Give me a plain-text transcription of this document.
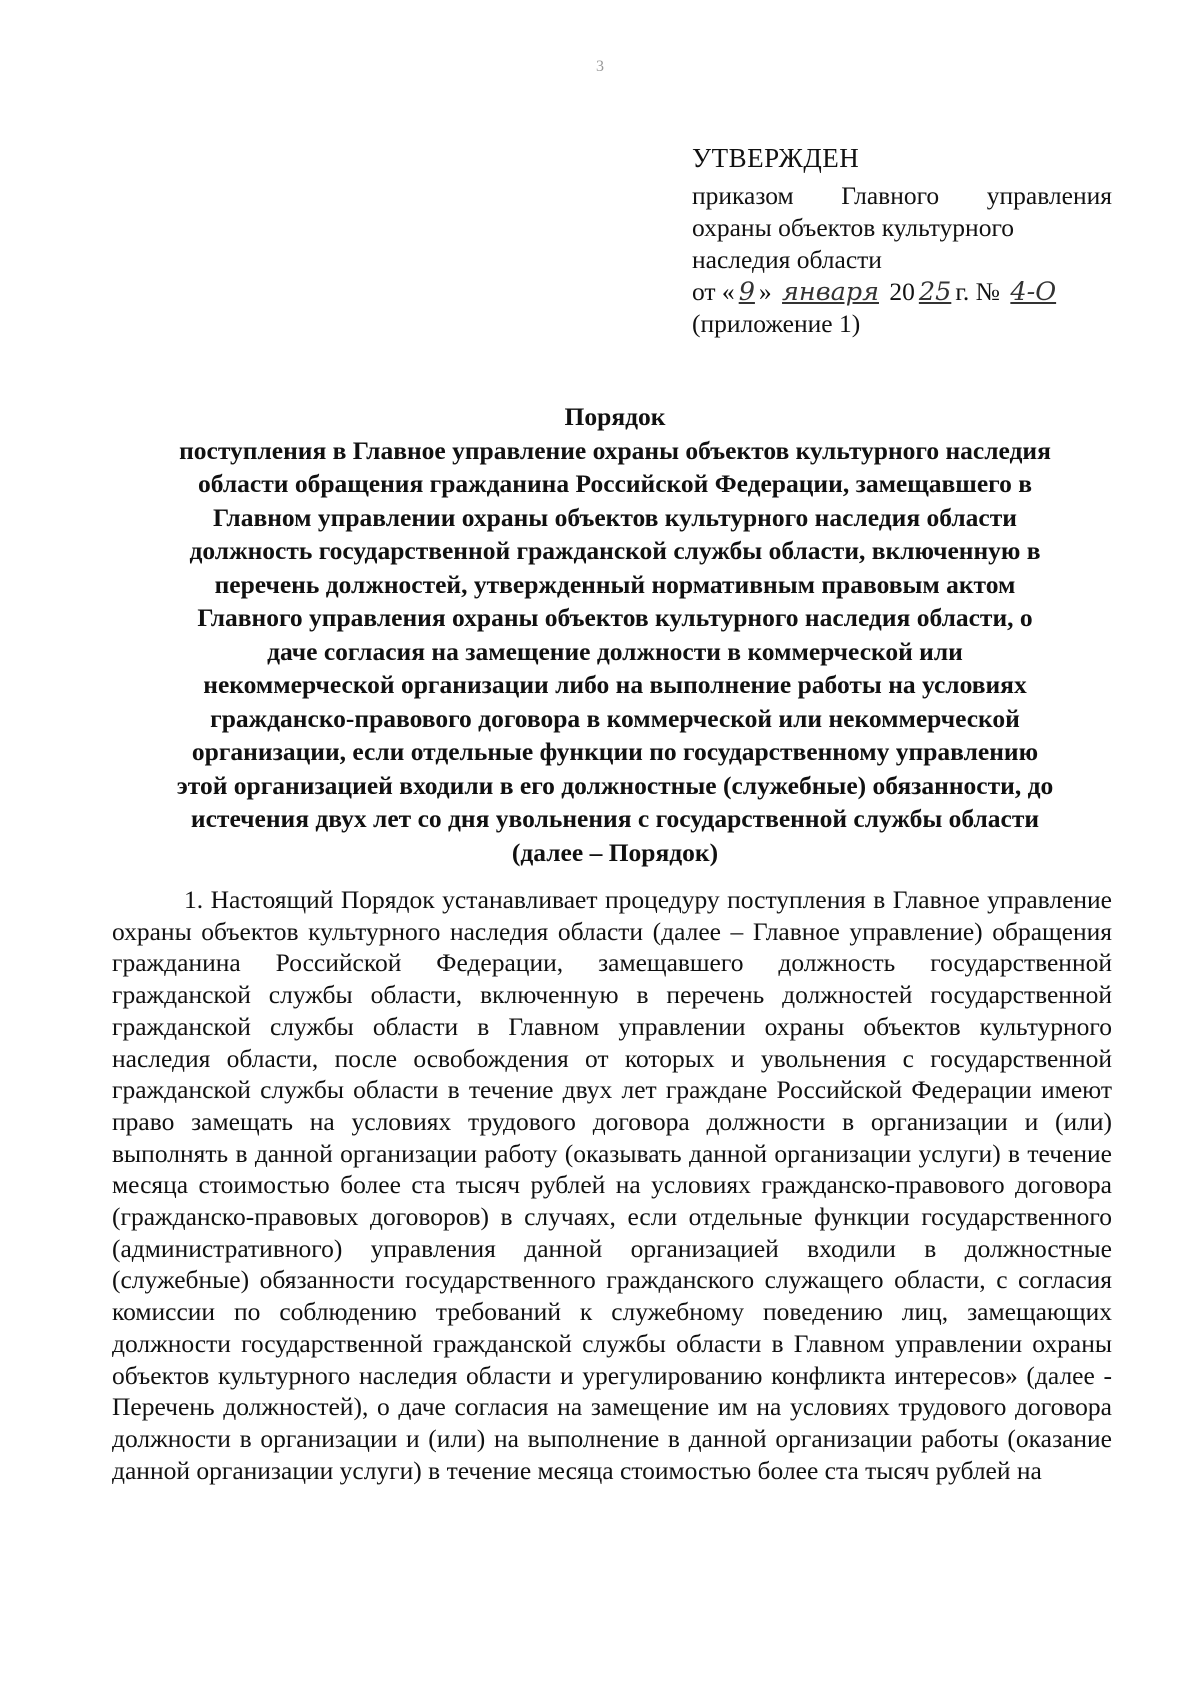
3
УТВЕРЖДЕН
приказом Главного управления
охраны объектов культурного
наследия области
от « 9 » января 20 25 г. № 4-О
(приложение 1)
Порядок
поступления в Главное управление охраны объектов культурного наследия
области обращения гражданина Российской Федерации, замещавшего в
Главном управлении охраны объектов культурного наследия области
должность государственной гражданской службы области, включенную в
перечень должностей, утвержденный нормативным правовым актом
Главного управления охраны объектов культурного наследия области, о
даче согласия на замещение должности в коммерческой или
некоммерческой организации либо на выполнение работы на условиях
гражданско-правового договора в коммерческой или некоммерческой
организации, если отдельные функции по государственному управлению
этой организацией входили в его должностные (служебные) обязанности, до
истечения двух лет со дня увольнения с государственной службы области
(далее – Порядок)

1. Настоящий Порядок устанавливает процедуру поступления в Главное управление охраны объектов культурного наследия области (далее – Главное управление) обращения гражданина Российской Федерации, замещавшего должность государственной гражданской службы области, включенную в перечень должностей государственной гражданской службы области в Главном управлении охраны объектов культурного наследия области, после освобождения от которых и увольнения с государственной гражданской службы области в течение двух лет граждане Российской Федерации имеют право замещать на условиях трудового договора должности в организации и (или) выполнять в данной организации работу (оказывать данной организации услуги) в течение месяца стоимостью более ста тысяч рублей на условиях гражданско-правового договора (гражданско-правовых договоров) в случаях, если отдельные функции государственного (административного) управления данной организацией входили в должностные (служебные) обязанности государственного гражданского служащего области, с согласия комиссии по соблюдению требований к служебному поведению лиц, замещающих должности государственной гражданской службы области в Главном управлении охраны объектов культурного наследия области и урегулированию конфликта интересов» (далее - Перечень должностей), о даче согласия на замещение им на условиях трудового договора должности в организации и (или) на выполнение в данной организации работы (оказание данной организации услуги) в течение месяца стоимостью более ста тысяч рублей на
